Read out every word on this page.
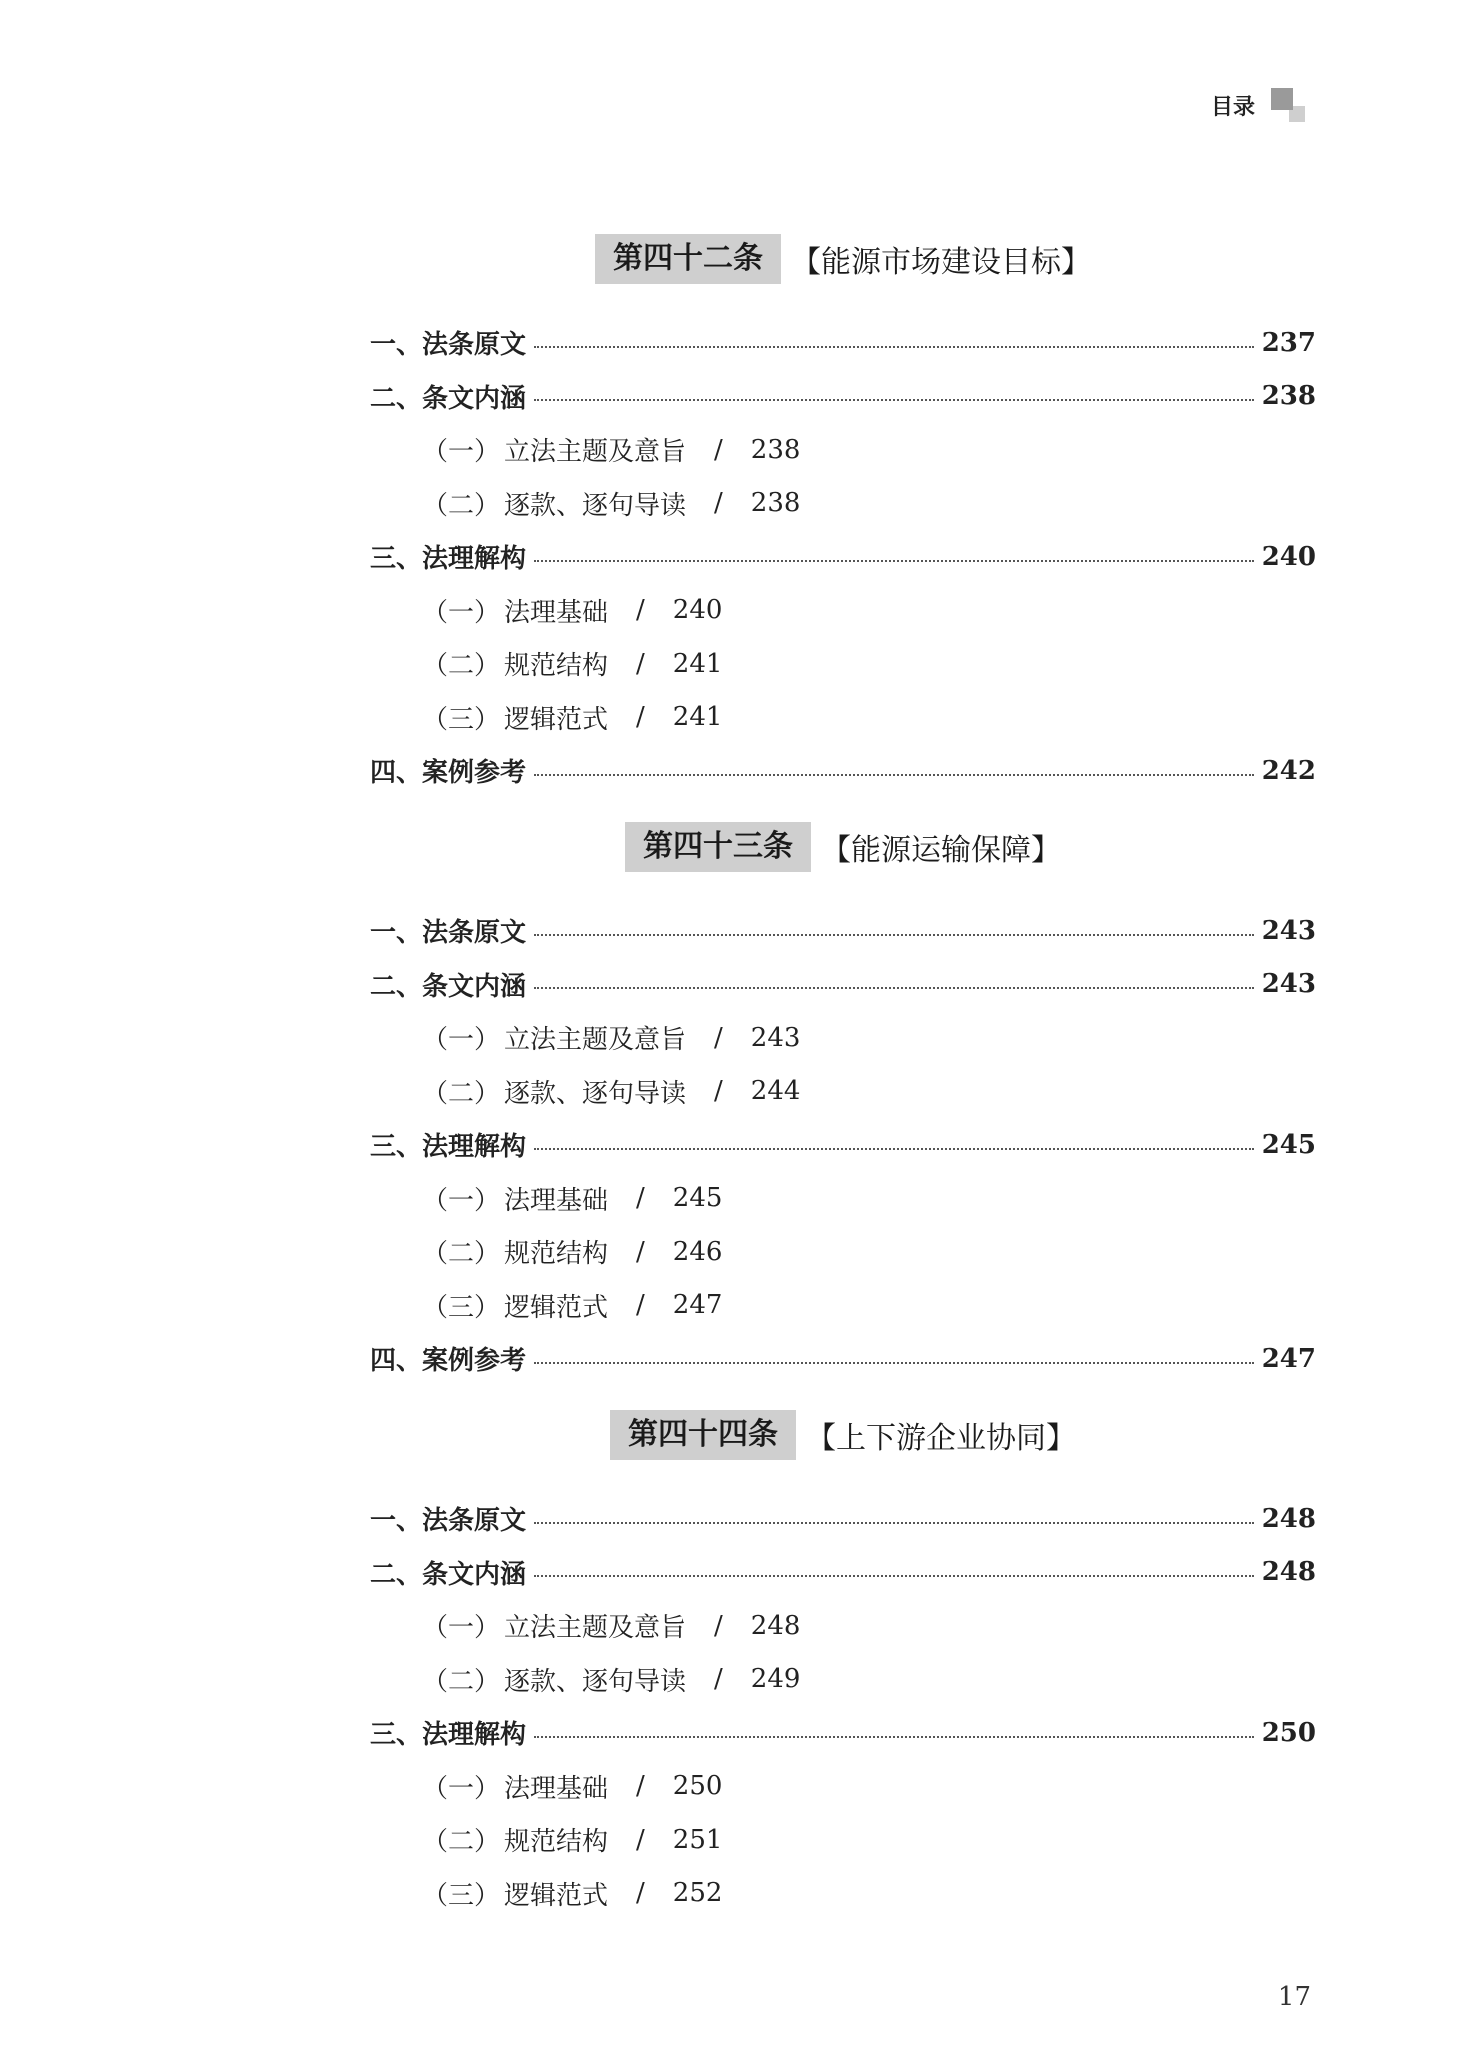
目录
第四十二条 【能源市场建设目标】
一、法条原文	237
二、条文内涵	238
（一） 立法主题及意旨 / 238
（二） 逐款、逐句导读 / 238
三、法理解构	240
（一） 法理基础 / 240
（二） 规范结构 / 241
（三） 逻辑范式 / 241
四、案例参考	242
第四十三条 【能源运输保障】
一、法条原文	243
二、条文内涵	243
（一） 立法主题及意旨 / 243
（二） 逐款、逐句导读 / 244
三、法理解构	245
（一） 法理基础 / 245
（二） 规范结构 / 246
（三） 逻辑范式 / 247
四、案例参考	247
第四十四条 【上下游企业协同】
一、法条原文	248
二、条文内涵	248
（一） 立法主题及意旨 / 248
（二） 逐款、逐句导读 / 249
三、法理解构	250
（一） 法理基础 / 250
（二） 规范结构 / 251
（三） 逻辑范式 / 252
17
